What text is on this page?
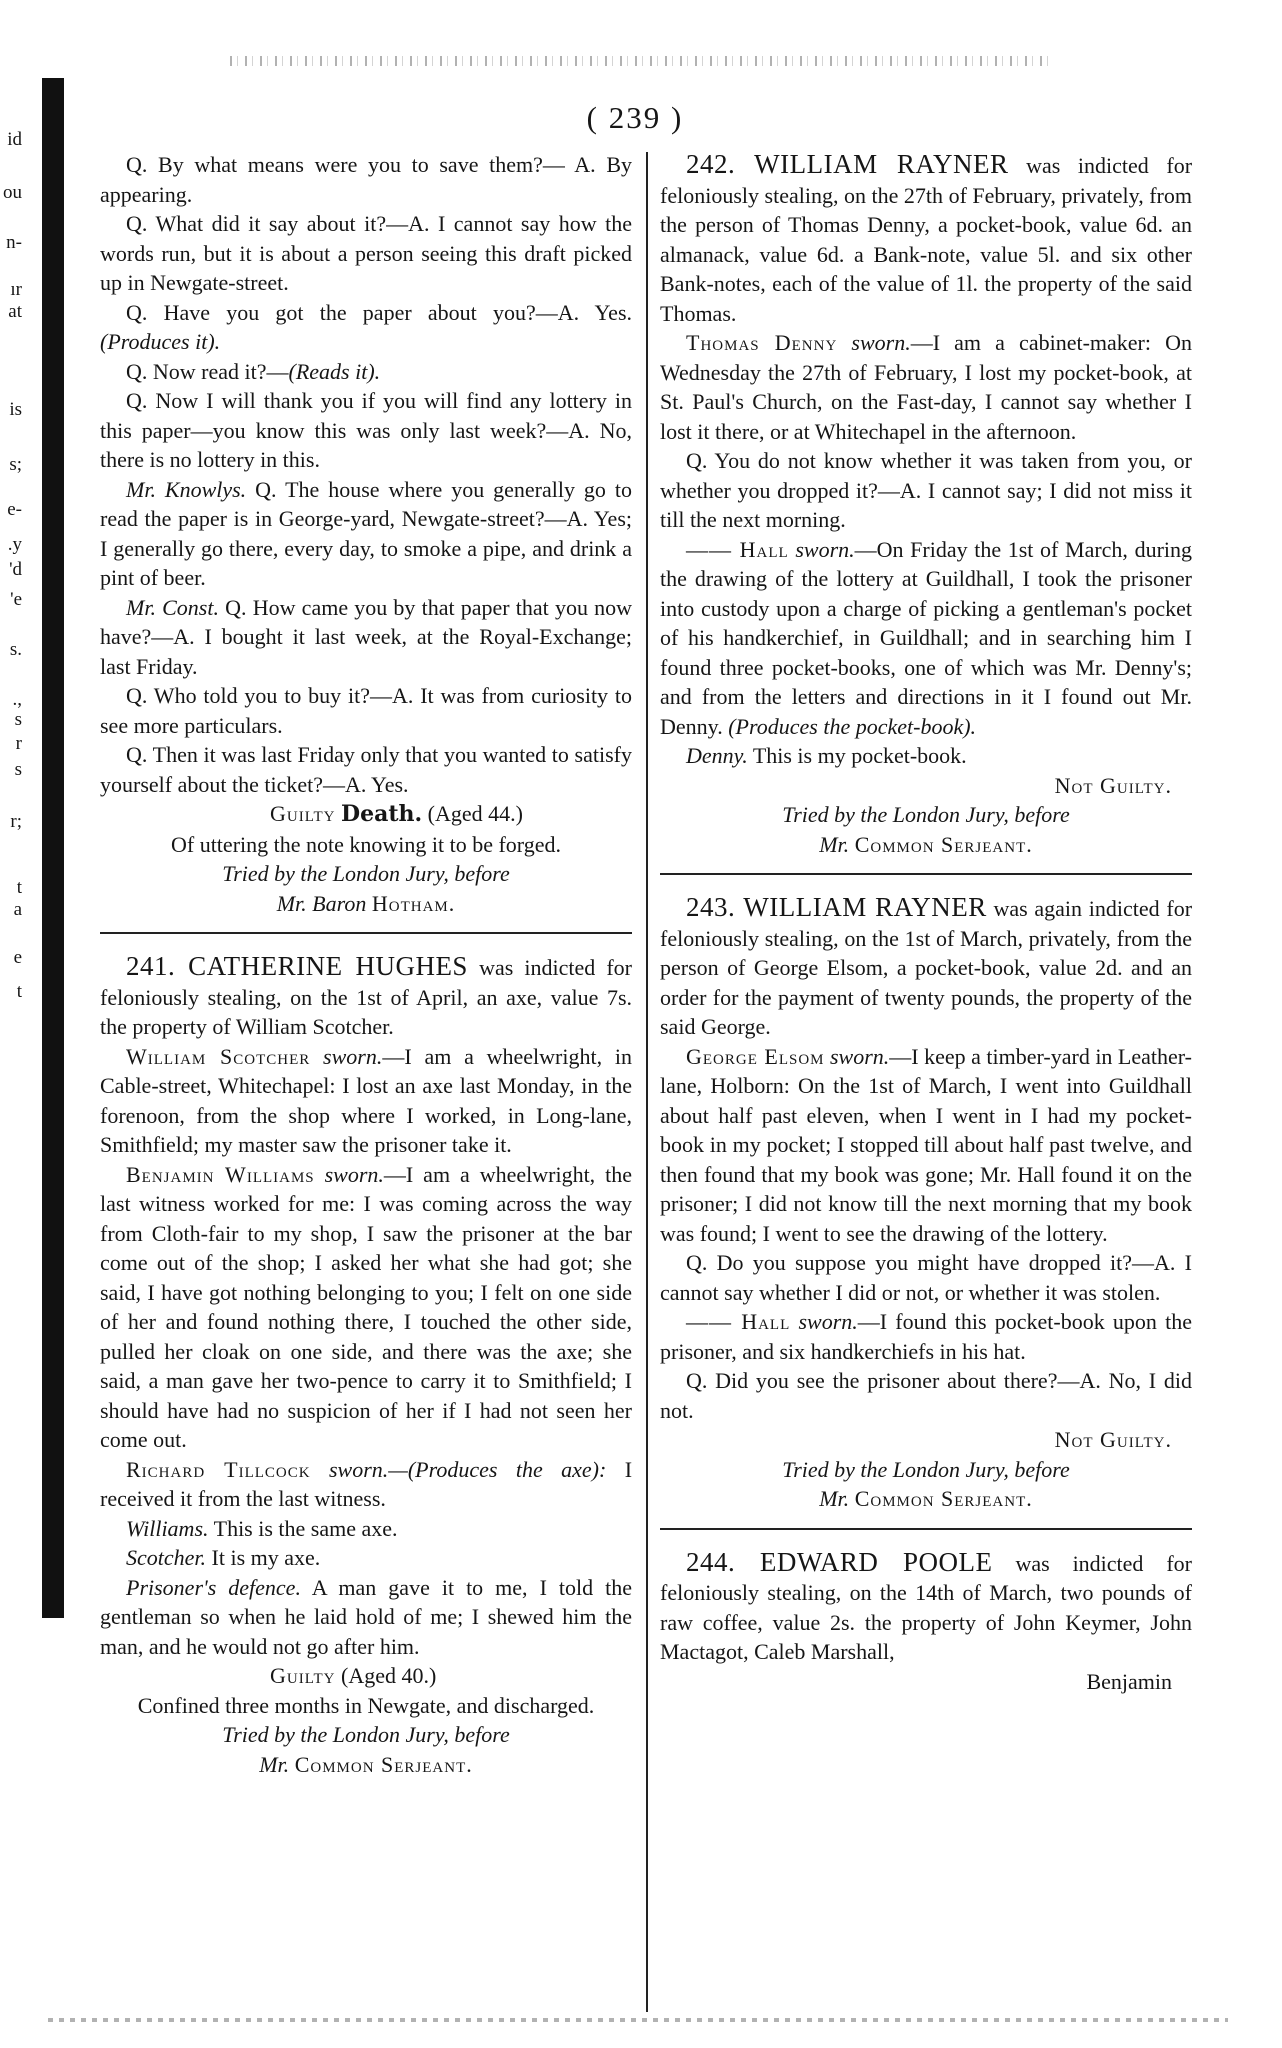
id
ou
n-
ır
at
is
s;
e-
.y
'd
'e
s.
.,
s
r
s
r;
t
a
e
t
( 239 )

Q. By what means were you to save them?— A. By appearing.

Q. What did it say about it?—A. I cannot say how the words run, but it is about a person seeing this draft picked up in Newgate-street.

Q. Have you got the paper about you?—A. Yes. (Produces it).

Q. Now read it?—(Reads it).

Q. Now I will thank you if you will find any lottery in this paper—you know this was only last week?—A. No, there is no lottery in this.

Mr. Knowlys. Q. The house where you generally go to read the paper is in George-yard, Newgate-street?—A. Yes; I generally go there, every day, to smoke a pipe, and drink a pint of beer.

Mr. Const. Q. How came you by that paper that you now have?—A. I bought it last week, at the Royal-Exchange; last Friday.

Q. Who told you to buy it?—A. It was from curiosity to see more particulars.

Q. Then it was last Friday only that you wanted to satisfy yourself about the ticket?—A. Yes.

Guilty Death. (Aged 44.)

Of uttering the note knowing it to be forged.

Tried by the London Jury, before

Mr. Baron Hotham.

241. CATHERINE HUGHES was indicted for feloniously stealing, on the 1st of April, an axe, value 7s. the property of William Scotcher.

William Scotcher sworn.—I am a wheelwright, in Cable-street, Whitechapel: I lost an axe last Monday, in the forenoon, from the shop where I worked, in Long-lane, Smithfield; my master saw the prisoner take it.

Benjamin Williams sworn.—I am a wheelwright, the last witness worked for me: I was coming across the way from Cloth-fair to my shop, I saw the prisoner at the bar come out of the shop; I asked her what she had got; she said, I have got nothing belonging to you; I felt on one side of her and found nothing there, I touched the other side, pulled her cloak on one side, and there was the axe; she said, a man gave her two-pence to carry it to Smithfield; I should have had no suspicion of her if I had not seen her come out.

Richard Tillcock sworn.—(Produces the axe): I received it from the last witness.

Williams. This is the same axe.

Scotcher. It is my axe.

Prisoner's defence. A man gave it to me, I told the gentleman so when he laid hold of me; I shewed him the man, and he would not go after him.

Guilty (Aged 40.)

Confined three months in Newgate, and discharged.

Tried by the London Jury, before

Mr. Common Serjeant.

242. WILLIAM RAYNER was indicted for feloniously stealing, on the 27th of February, privately, from the person of Thomas Denny, a pocket-book, value 6d. an almanack, value 6d. a Bank-note, value 5l. and six other Bank-notes, each of the value of 1l. the property of the said Thomas.

Thomas Denny sworn.—I am a cabinet-maker: On Wednesday the 27th of February, I lost my pocket-book, at St. Paul's Church, on the Fast-day, I cannot say whether I lost it there, or at Whitechapel in the afternoon.

Q. You do not know whether it was taken from you, or whether you dropped it?—A. I cannot say; I did not miss it till the next morning.

—— Hall sworn.—On Friday the 1st of March, during the drawing of the lottery at Guildhall, I took the prisoner into custody upon a charge of picking a gentleman's pocket of his handkerchief, in Guildhall; and in searching him I found three pocket-books, one of which was Mr. Denny's; and from the letters and directions in it I found out Mr. Denny. (Produces the pocket-book).

Denny. This is my pocket-book.

Not Guilty.

Tried by the London Jury, before

Mr. Common Serjeant.

243. WILLIAM RAYNER was again indicted for feloniously stealing, on the 1st of March, privately, from the person of George Elsom, a pocket-book, value 2d. and an order for the payment of twenty pounds, the property of the said George.

George Elsom sworn.—I keep a timber-yard in Leather-lane, Holborn: On the 1st of March, I went into Guildhall about half past eleven, when I went in I had my pocket-book in my pocket; I stopped till about half past twelve, and then found that my book was gone; Mr. Hall found it on the prisoner; I did not know till the next morning that my book was found; I went to see the drawing of the lottery.

Q. Do you suppose you might have dropped it?—A. I cannot say whether I did or not, or whether it was stolen.

—— Hall sworn.—I found this pocket-book upon the prisoner, and six handkerchiefs in his hat.

Q. Did you see the prisoner about there?—A. No, I did not.

Not Guilty.

Tried by the London Jury, before

Mr. Common Serjeant.

244. EDWARD POOLE was indicted for feloniously stealing, on the 14th of March, two pounds of raw coffee, value 2s. the property of John Keymer, John Mactagot, Caleb Marshall,

Benjamin
